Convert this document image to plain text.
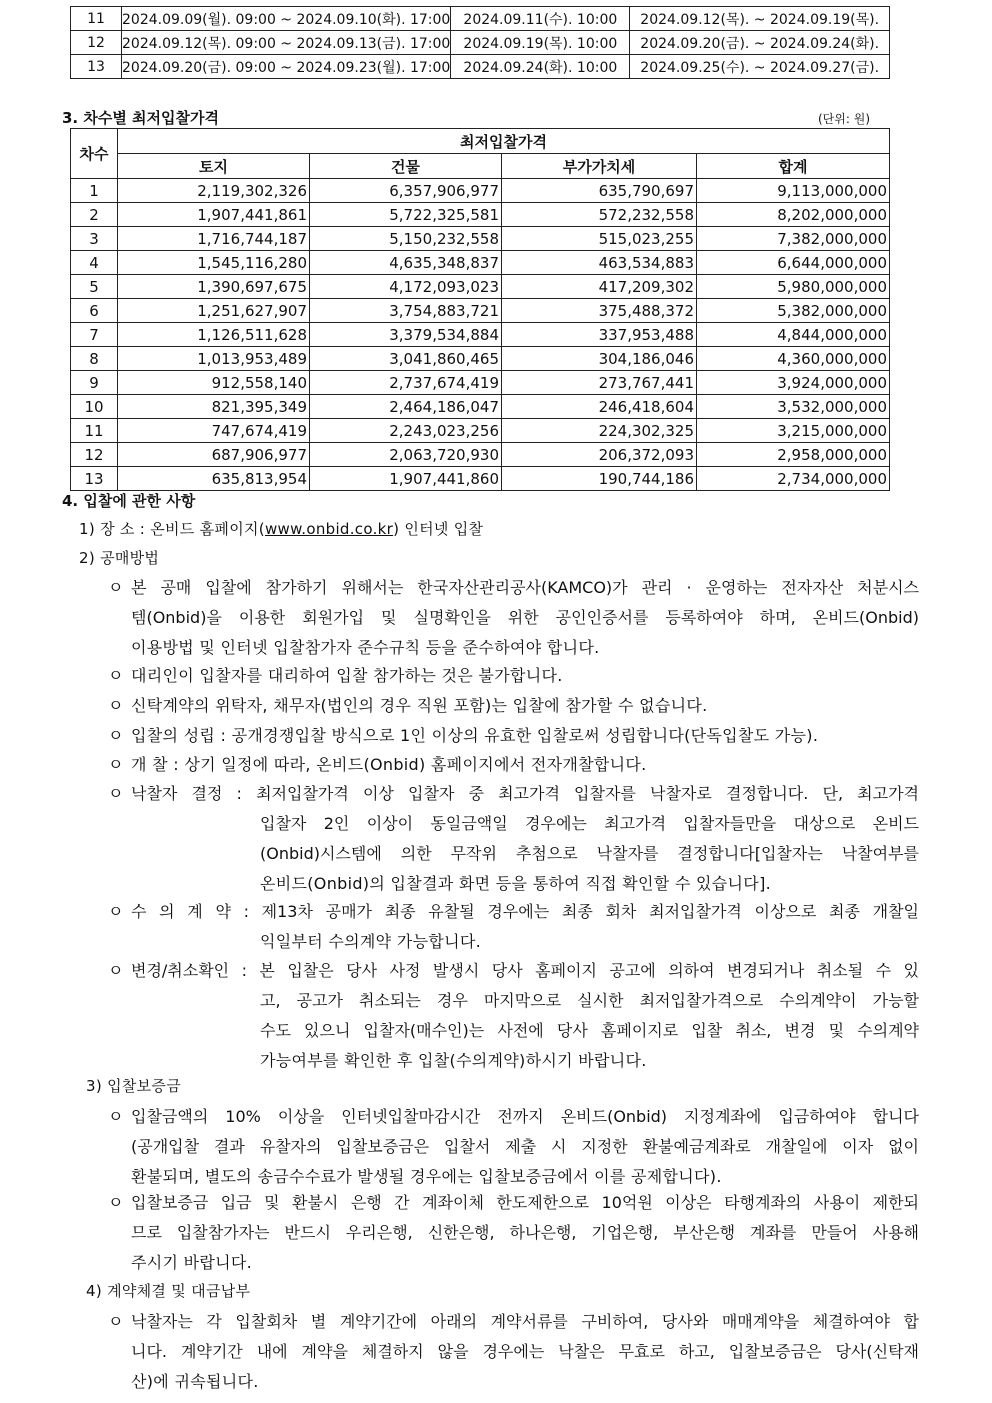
11	2024.09.09(월). 09:00 ~ 2024.09.10(화). 17:00	2024.09.11(수). 10:00	2024.09.12(목). ~ 2024.09.19(목).
12	2024.09.12(목). 09:00 ~ 2024.09.13(금). 17:00	2024.09.19(목). 10:00	2024.09.20(금). ~ 2024.09.24(화).
13	2024.09.20(금). 09:00 ~ 2024.09.23(월). 17:00	2024.09.24(화). 10:00	2024.09.25(수). ~ 2024.09.27(금).
3. 차수별 최저입찰가격	(단위: 원)
차수	최저입찰가격			
	토지	건물	부가가치세	합계
1	2,119,302,326	6,357,906,977	635,790,697	9,113,000,000
2	1,907,441,861	5,722,325,581	572,232,558	8,202,000,000
3	1,716,744,187	5,150,232,558	515,023,255	7,382,000,000
4	1,545,116,280	4,635,348,837	463,534,883	6,644,000,000
5	1,390,697,675	4,172,093,023	417,209,302	5,980,000,000
6	1,251,627,907	3,754,883,721	375,488,372	5,382,000,000
7	1,126,511,628	3,379,534,884	337,953,488	4,844,000,000
8	1,013,953,489	3,041,860,465	304,186,046	4,360,000,000
9	912,558,140	2,737,674,419	273,767,441	3,924,000,000
10	821,395,349	2,464,186,047	246,418,604	3,532,000,000
11	747,674,419	2,243,023,256	224,302,325	3,215,000,000
12	687,906,977	2,063,720,930	206,372,093	2,958,000,000
13	635,813,954	1,907,441,860	190,744,186	2,734,000,000
4. 입찰에 관한 사항
1) 장 소 : 온비드 홈페이지(www.onbid.co.kr) 인터넷 입찰
2) 공매방법
ㅇ 본 공매 입찰에 참가하기 위해서는 한국자산관리공사(KAMCO)가 관리 · 운영하는 전자자산 처분시스
템(Onbid)을 이용한 회원가입 및 실명확인을 위한 공인인증서를 등록하여야 하며, 온비드(Onbid)
이용방법 및 인터넷 입찰참가자 준수규칙 등을 준수하여야 합니다.
ㅇ 대리인이 입찰자를 대리하여 입찰 참가하는 것은 불가합니다.
ㅇ 신탁계약의 위탁자, 채무자(법인의 경우 직원 포함)는 입찰에 참가할 수 없습니다.
ㅇ 입찰의 성립 : 공개경쟁입찰 방식으로 1인 이상의 유효한 입찰로써 성립합니다(단독입찰도 가능).
ㅇ 개 찰 : 상기 일정에 따라, 온비드(Onbid) 홈페이지에서 전자개찰합니다.
ㅇ 낙찰자 결정 : 최저입찰가격 이상 입찰자 중 최고가격 입찰자를 낙찰자로 결정합니다. 단, 최고가격
입찰자 2인 이상이 동일금액일 경우에는 최고가격 입찰자들만을 대상으로 온비드
(Onbid)시스템에 의한 무작위 추첨으로 낙찰자를 결정합니다[입찰자는 낙찰여부를
온비드(Onbid)의 입찰결과 화면 등을 통하여 직접 확인할 수 있습니다].
ㅇ 수 의 계 약 : 제13차 공매가 최종 유찰될 경우에는 최종 회차 최저입찰가격 이상으로 최종 개찰일
익일부터 수의계약 가능합니다.
ㅇ 변경/취소확인 : 본 입찰은 당사 사정 발생시 당사 홈페이지 공고에 의하여 변경되거나 취소될 수 있
고, 공고가 취소되는 경우 마지막으로 실시한 최저입찰가격으로 수의계약이 가능할
수도 있으니 입찰자(매수인)는 사전에 당사 홈페이지로 입찰 취소, 변경 및 수의계약
가능여부를 확인한 후 입찰(수의계약)하시기 바랍니다.
ㅇ 입찰금액의 10% 이상을 인터넷입찰마감시간 전까지 온비드(Onbid) 지정계좌에 입금하여야 합니다
(공개입찰 결과 유찰자의 입찰보증금은 입찰서 제출 시 지정한 환불예금계좌로 개찰일에 이자 없이
환불되며, 별도의 송금수수료가 발생될 경우에는 입찰보증금에서 이를 공제합니다).
ㅇ 입찰보증금 입금 및 환불시 은행 간 계좌이체 한도제한으로 10억원 이상은 타행계좌의 사용이 제한되
므로 입찰참가자는 반드시 우리은행, 신한은행, 하나은행, 기업은행, 부산은행 계좌를 만들어 사용해
주시기 바랍니다.
ㅇ 낙찰자는 각 입찰회차 별 계약기간에 아래의 계약서류를 구비하여, 당사와 매매계약을 체결하여야 합
니다. 계약기간 내에 계약을 체결하지 않을 경우에는 낙찰은 무효로 하고, 입찰보증금은 당사(신탁재
산)에 귀속됩니다.
3) 입찰보증금
4) 계약체결 및 대금납부
